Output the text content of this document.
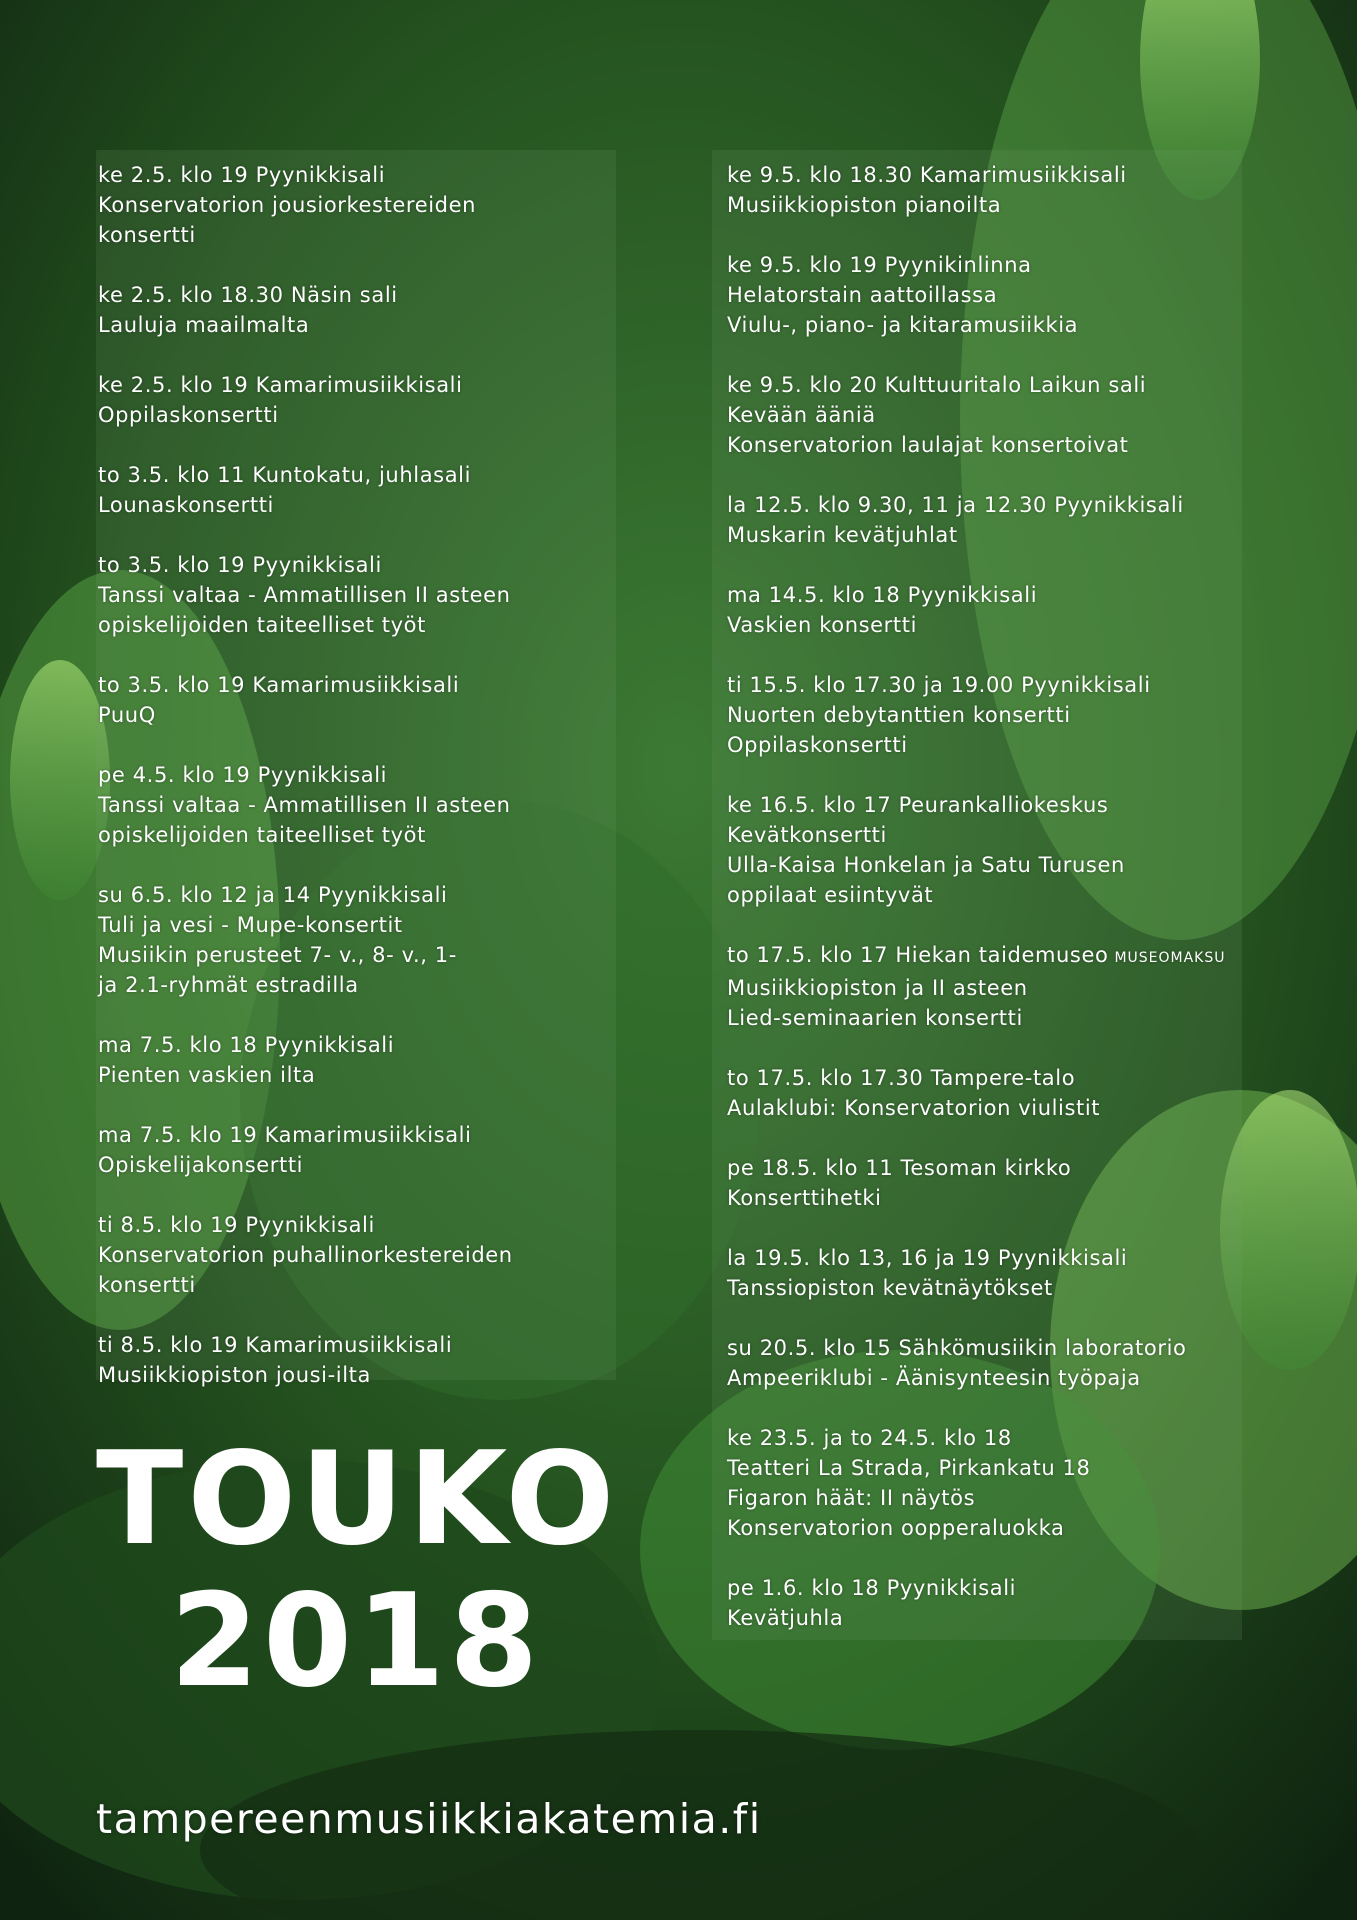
ke 2.5. klo 19 Pyynikkisali
Konservatorion jousiorkestereiden
konsertti
ke 2.5. klo 18.30 Näsin sali
Lauluja maailmalta
ke 2.5. klo 19 Kamarimusiikkisali
Oppilaskonsertti
to 3.5. klo 11 Kuntokatu, juhlasali
Lounaskonsertti
to 3.5. klo 19 Pyynikkisali
Tanssi valtaa - Ammatillisen II asteen
opiskelijoiden taiteelliset työt
to 3.5. klo 19 Kamarimusiikkisali
PuuQ
pe 4.5. klo 19 Pyynikkisali
Tanssi valtaa - Ammatillisen II asteen
opiskelijoiden taiteelliset työt
su 6.5. klo 12 ja 14 Pyynikkisali
Tuli ja vesi - Mupe-konsertit
Musiikin perusteet 7- v., 8- v., 1-
ja 2.1-ryhmät estradilla
ma 7.5. klo 18 Pyynikkisali
Pienten vaskien ilta
ma 7.5. klo 19 Kamarimusiikkisali
Opiskelijakonsertti
ti 8.5. klo 19 Pyynikkisali
Konservatorion puhallinorkestereiden
konsertti
ti 8.5. klo 19 Kamarimusiikkisali
Musiikkiopiston jousi-ilta
ke 9.5. klo 18.30 Kamarimusiikkisali
Musiikkiopiston pianoilta
ke 9.5. klo 19 Pyynikinlinna
Helatorstain aattoillassa
Viulu-, piano- ja kitaramusiikkia
ke 9.5. klo 20 Kulttuuritalo Laikun sali
Kevään ääniä
Konservatorion laulajat konsertoivat
la 12.5. klo 9.30, 11 ja 12.30 Pyynikkisali
Muskarin kevätjuhlat
ma 14.5. klo 18 Pyynikkisali
Vaskien konsertti
ti 15.5. klo 17.30 ja 19.00 Pyynikkisali
Nuorten debytanttien konsertti
Oppilaskonsertti
ke 16.5. klo 17 Peurankalliokeskus
Kevätkonsertti
Ulla-Kaisa Honkelan ja Satu Turusen
oppilaat esiintyvät
to 17.5. klo 17 Hiekan taidemuseo MUSEOMAKSU
Musiikkiopiston ja II asteen
Lied-seminaarien konsertti
to 17.5. klo 17.30 Tampere-talo
Aulaklubi: Konservatorion viulistit
pe 18.5. klo 11 Tesoman kirkko
Konserttihetki
la 19.5. klo 13, 16 ja 19 Pyynikkisali
Tanssiopiston kevätnäytökset
su 20.5. klo 15 Sähkömusiikin laboratorio
Ampeeriklubi - Äänisynteesin työpaja
ke 23.5. ja to 24.5. klo 18
Teatteri La Strada, Pirkankatu 18
Figaron häät: II näytös
Konservatorion oopperaluokka
pe 1.6. klo 18 Pyynikkisali
Kevätjuhla
TOUKO
2018
tampereenmusiikkiakatemia.fi
